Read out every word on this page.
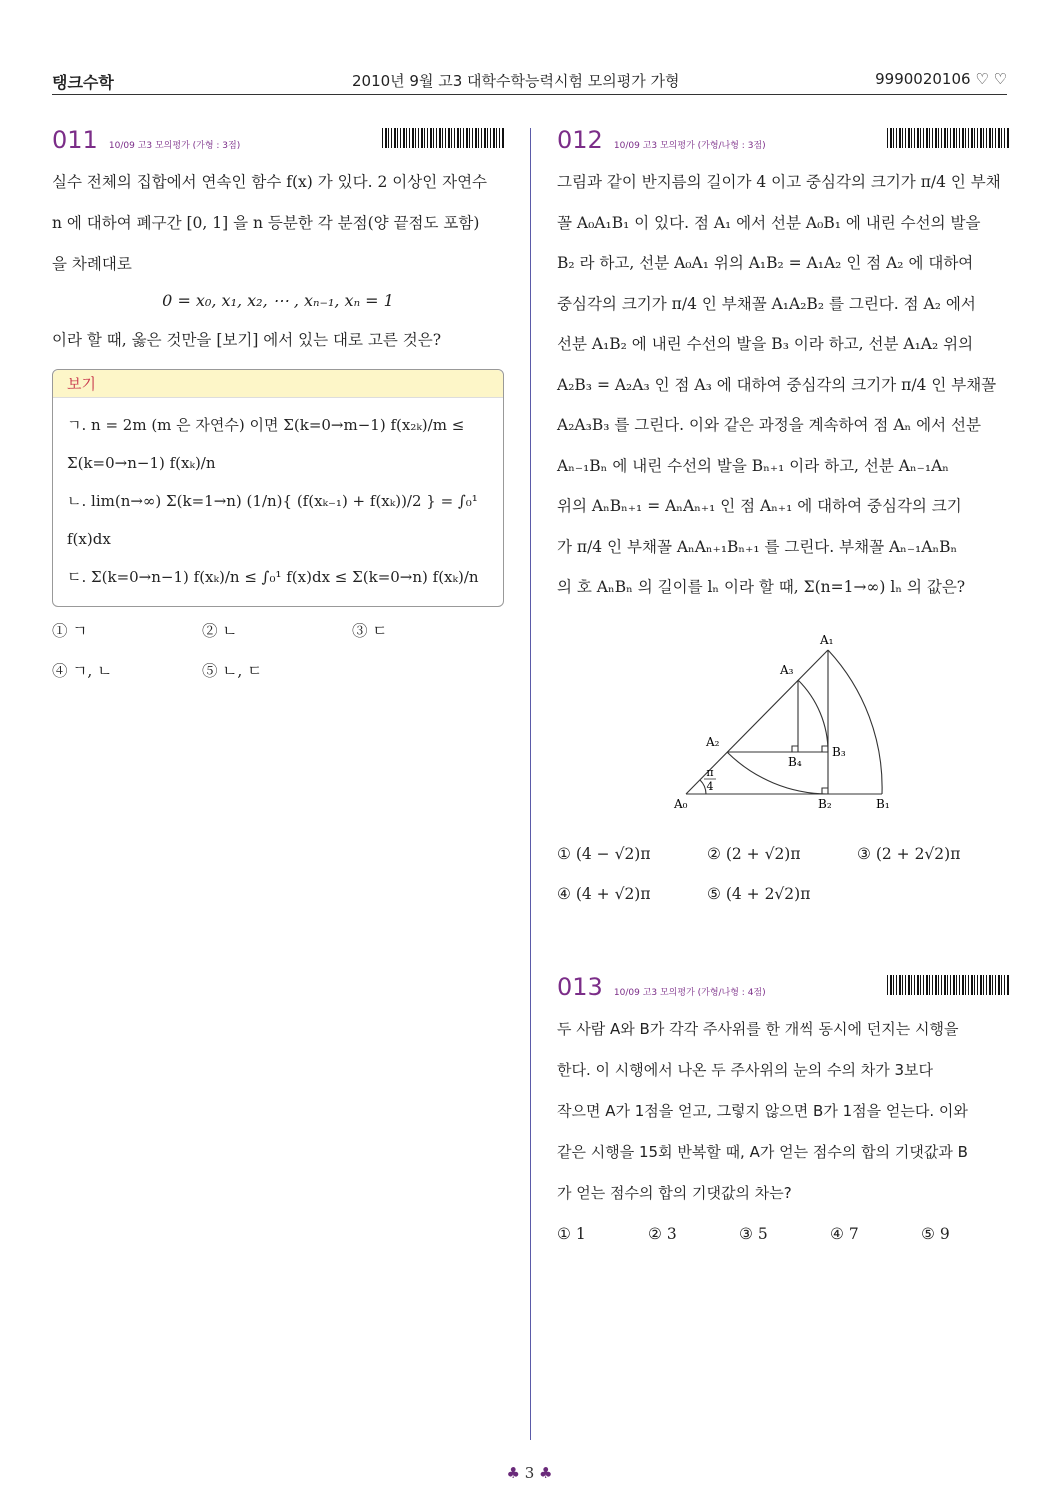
탱크수학	2010년 9월 고3 대학수학능력시험 모의평가 가형	9990020106 ♡ ♡
011 10/09 고3 모의평가 (가형 : 3점)
실수 전체의 집합에서 연속인 함수 f(x) 가 있다. 2 이상인 자연수
n 에 대하여 폐구간 [0, 1] 을 n 등분한 각 분점(양 끝점도 포함)
을 차례대로
0 = x₀, x₁, x₂, ⋯ , xₙ₋₁, xₙ = 1
이라 할 때, 옳은 것만을 [보기] 에서 있는 대로 고른 것은?
보기
ㄱ. n = 2m (m 은 자연수) 이면 Σ(k=0→m−1) f(x₂ₖ)/m ≤ Σ(k=0→n−1) f(xₖ)/n
ㄴ. lim(n→∞) Σ(k=1→n) (1/n){ (f(xₖ₋₁) + f(xₖ))/2 } = ∫₀¹ f(x)dx
ㄷ. Σ(k=0→n−1) f(xₖ)/n ≤ ∫₀¹ f(x)dx ≤ Σ(k=0→n) f(xₖ)/n
① ㄱ	② ㄴ	③ ㄷ
④ ㄱ, ㄴ	⑤ ㄴ, ㄷ
012 10/09 고3 모의평가 (가형/나형 : 3점)
그림과 같이 반지름의 길이가 4 이고 중심각의 크기가 π/4 인 부채
꼴 A₀A₁B₁ 이 있다. 점 A₁ 에서 선분 A₀B₁ 에 내린 수선의 발을
B₂ 라 하고, 선분 A₀A₁ 위의 A₁B₂ = A₁A₂ 인 점 A₂ 에 대하여
중심각의 크기가 π/4 인 부채꼴 A₁A₂B₂ 를 그린다. 점 A₂ 에서
선분 A₁B₂ 에 내린 수선의 발을 B₃ 이라 하고, 선분 A₁A₂ 위의
A₂B₃ = A₂A₃ 인 점 A₃ 에 대하여 중심각의 크기가 π/4 인 부채꼴
A₂A₃B₃ 를 그린다. 이와 같은 과정을 계속하여 점 Aₙ 에서 선분
Aₙ₋₁Bₙ 에 내린 수선의 발을 Bₙ₊₁ 이라 하고, 선분 Aₙ₋₁Aₙ
위의 AₙBₙ₊₁ = AₙAₙ₊₁ 인 점 Aₙ₊₁ 에 대하여 중심각의 크기
가 π/4 인 부채꼴 AₙAₙ₊₁Bₙ₊₁ 를 그린다. 부채꼴 Aₙ₋₁AₙBₙ
의 호 AₙBₙ 의 길이를 lₙ 이라 할 때, Σ(n=1→∞) lₙ 의 값은?
A₁
A₃
A₂
B₃
B₄
A₀	B₂	B₁
π
4
① (4 − √2)π	② (2 + √2)π	③ (2 + 2√2)π
④ (4 + √2)π	⑤ (4 + 2√2)π
013 10/09 고3 모의평가 (가형/나형 : 4점)
두 사람 A와 B가 각각 주사위를 한 개씩 동시에 던지는 시행을
한다. 이 시행에서 나온 두 주사위의 눈의 수의 차가 3보다
작으면 A가 1점을 얻고, 그렇지 않으면 B가 1점을 얻는다. 이와
같은 시행을 15회 반복할 때, A가 얻는 점수의 합의 기댓값과 B
가 얻는 점수의 합의 기댓값의 차는?
① 1	② 3	③ 5	④ 7	⑤ 9
♣ 3 ♣
